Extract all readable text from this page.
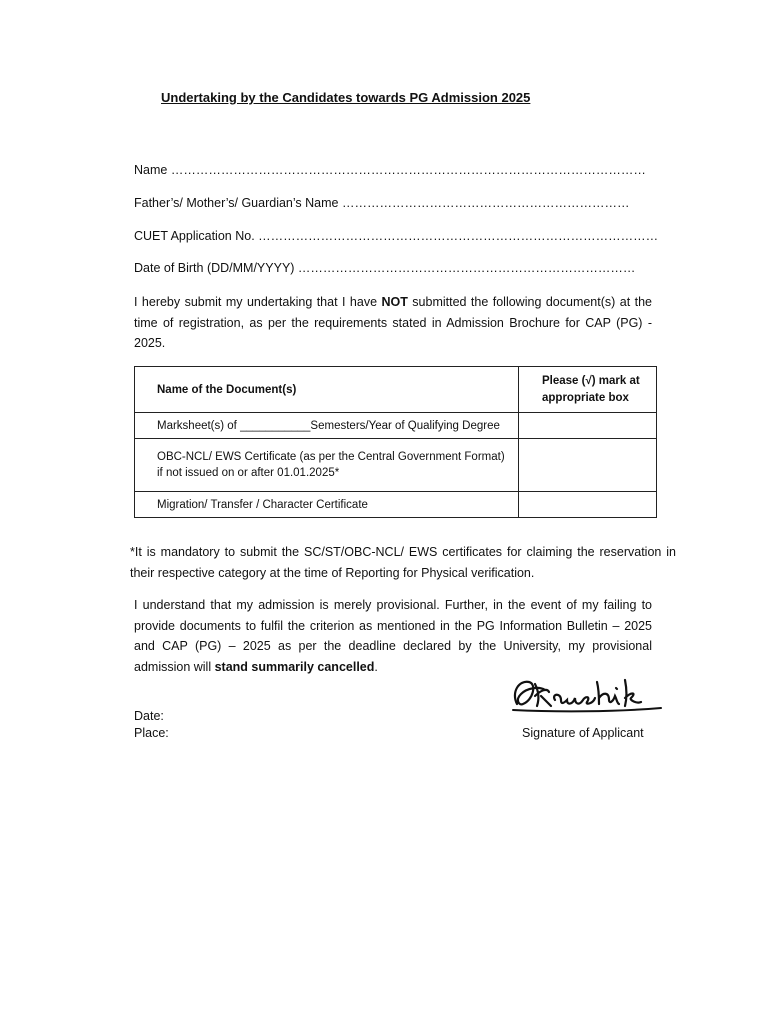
Undertaking by the Candidates towards PG Admission 2025
Name ……………………………………………………………………………………………………
Father’s/ Mother’s/ Guardian’s Name ……………………………………………………………
CUET Application No. ……………………………………………………………………………………
Date of Birth (DD/MM/YYYY) ………………………………………………………………………
I hereby submit my undertaking that I have NOT submitted the following document(s) at the time of registration, as per the requirements stated in Admission Brochure for CAP (PG) - 2025.
Name of the Document(s)	Please (√) mark at appropriate box
Marksheet(s) of ___________Semesters/Year of Qualifying Degree	
OBC-NCL/ EWS Certificate (as per the Central Government Format)
if not issued on or after 01.01.2025*	
Migration/ Transfer / Character Certificate	
*It is mandatory to submit the SC/ST/OBC-NCL/ EWS certificates for claiming the reservation in their respective category at the time of Reporting for Physical verification.
I understand that my admission is merely provisional. Further, in the event of my failing to provide documents to fulfil the criterion as mentioned in the PG Information Bulletin – 2025 and CAP (PG) – 2025 as per the deadline declared by the University, my provisional admission will stand summarily cancelled.
Date:
Place:	Signature of Applicant
